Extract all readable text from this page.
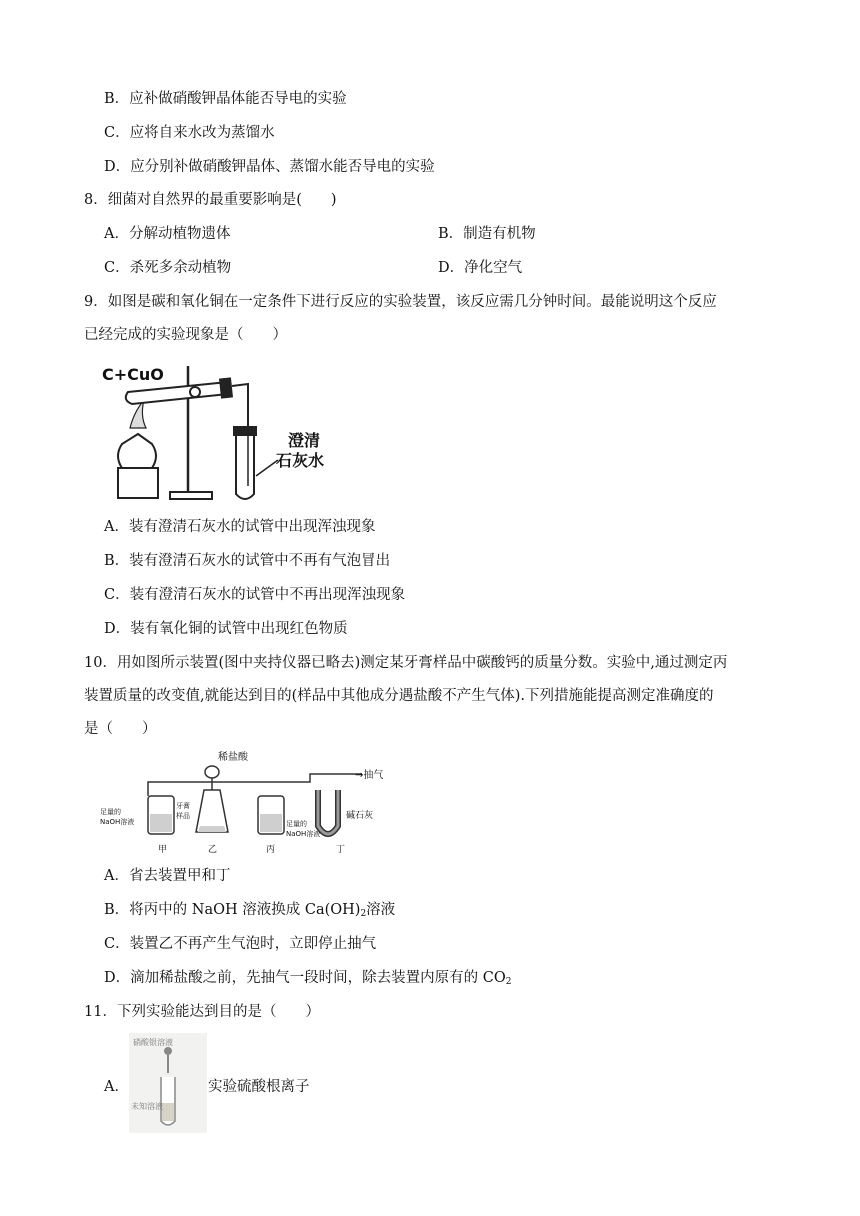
B．应补做硝酸钾晶体能否导电的实验
C．应将自来水改为蒸馏水
D．应分别补做硝酸钾晶体、蒸馏水能否导电的实验
8．细菌对自然界的最重要影响是(　　)
A．分解动植物遗体	B．制造有机物
C．杀死多余动植物	D．净化空气
9．如图是碳和氧化铜在一定条件下进行反应的实验装置，该反应需几分钟时间。最能说明这个反应
已经完成的实验现象是（　　）
C+CuO
澄清
石灰水
A．装有澄清石灰水的试管中出现浑浊现象
B．装有澄清石灰水的试管中不再有气泡冒出
C．装有澄清石灰水的试管中不再出现浑浊现象
D．装有氧化铜的试管中出现红色物质
10．用如图所示装置(图中夹持仪器已略去)测定某牙膏样品中碳酸钙的质量分数。实验中,通过测定丙
装置质量的改变值,就能达到目的(样品中其他成分遇盐酸不产生气体).下列措施能提高测定准确度的
是（　　）
→抽气
稀盐酸
足量的
NaOH溶液
甲
牙膏
样品
乙
足量的
NaOH溶液
丙
碱石灰
丁
A．省去装置甲和丁
B．将丙中的 NaOH 溶液换成 $Ca(OH)_2$溶液
C．装置乙不再产生气泡时，立即停止抽气
D．滴加稀盐酸之前，先抽气一段时间，除去装置内原有的 $CO_2$
11．下列实验能达到目的是（　　）
A．
硝酸银溶液
未知溶液
实验硫酸根离子
